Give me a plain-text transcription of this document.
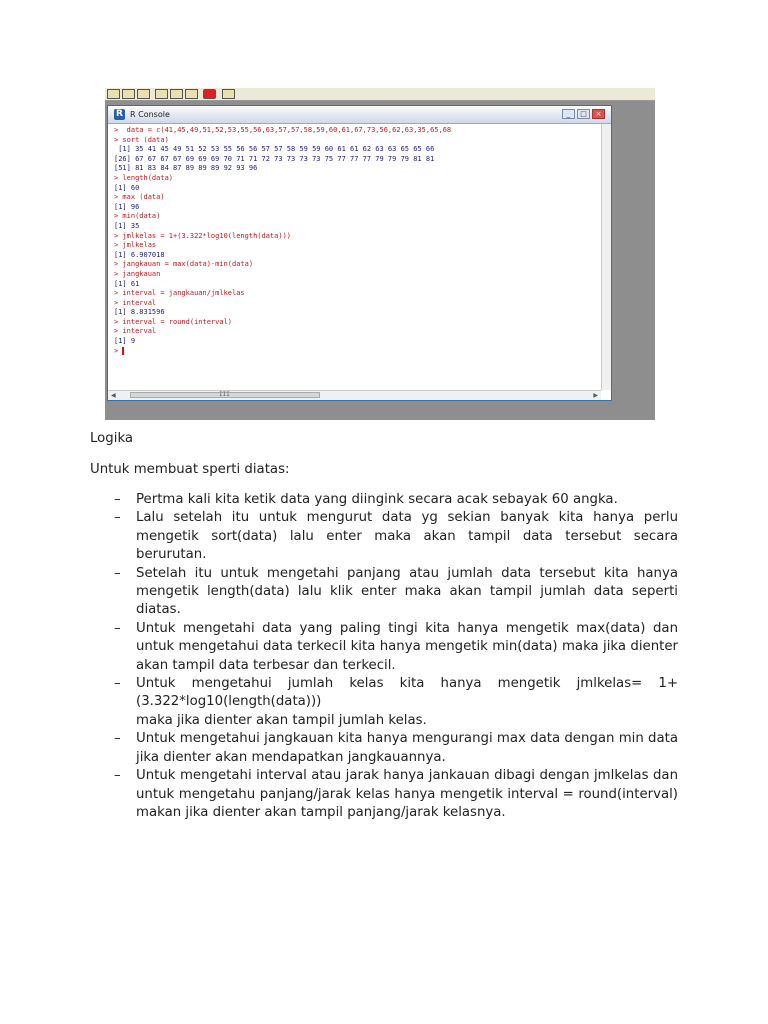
R R Console	_	□	×
>  data = c(41,45,49,51,52,53,55,56,63,57,57,58,59,60,61,67,73,56,62,63,35,65,68
> sort (data)
[1] 35 41 45 49 51 52 53 55 56 56 57 57 58 59 59 60 61 61 62 63 63 65 65 66
[26] 67 67 67 67 69 69 69 70 71 71 72 73 73 73 73 75 77 77 77 79 79 79 81 81
[51] 81 83 84 87 89 89 89 92 93 96
> length(data)
[1] 60
> max (data)
[1] 96
> min(data)
[1] 35
> jmlkelas = 1+(3.322*log10(length(data)))
> jmlkelas
[1] 6.907018
> jangkauan = max(data)-min(data)
> jangkauan
[1] 61
> interval = jangkauan/jmlkelas
> interval
[1] 8.831596
> interval = round(interval)
> interval
[1] 9
>
◀	III	▶
Logika
Untuk membuat sperti diatas:
– Pertma kali kita ketik data yang diingink secara acak sebayak 60 angka.
– Lalu setelah itu untuk mengurut data yg sekian banyak kita hanya perlu mengetik sort(data) lalu enter maka akan tampil data tersebut secara berurutan.
– Setelah itu untuk mengetahi panjang atau jumlah data tersebut kita hanya mengetik length(data) lalu klik enter maka akan tampil jumlah data seperti diatas.
– Untuk mengetahi data yang paling tingi kita hanya mengetik max(data) dan untuk mengetahui data terkecil kita hanya mengetik min(data) maka jika dienter akan tampil data terbesar dan terkecil.
– Untuk mengetahui jumlah kelas kita hanya mengetik jmlkelas= 1+(3.322*log10(length(data)))
maka jika dienter akan tampil jumlah kelas.
– Untuk mengetahui jangkauan kita hanya mengurangi max data dengan min data jika dienter akan mendapatkan jangkauannya.
– Untuk mengetahi interval atau jarak hanya jankauan dibagi dengan jmlkelas dan untuk mengetahu panjang/jarak kelas hanya mengetik interval = round(interval) makan jika dienter akan tampil panjang/jarak kelasnya.
